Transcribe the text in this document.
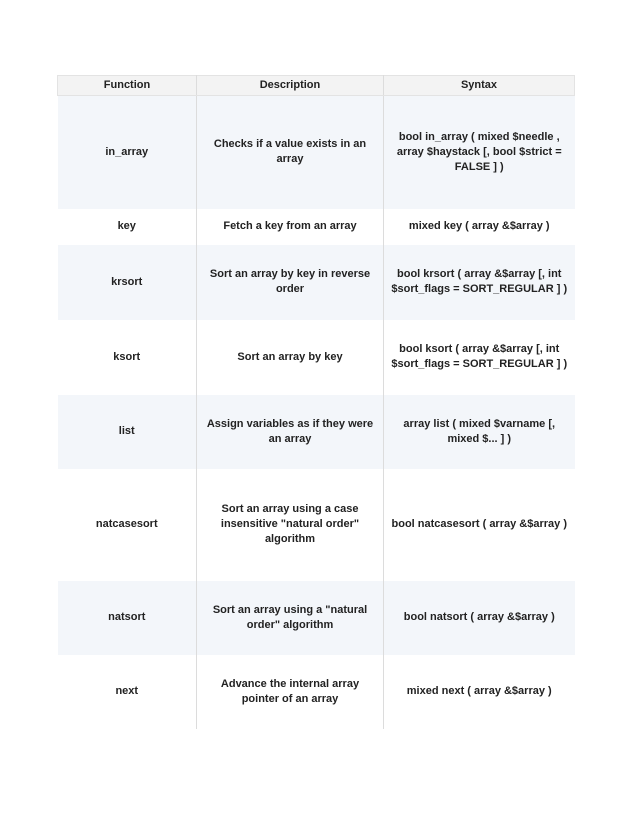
Function	Description	Syntax
in_array	Checks if a value exists in an array	bool in_array ( mixed $needle , array $haystack [, bool $strict = FALSE ] )
key	Fetch a key from an array	mixed key ( array &$array )
krsort	Sort an array by key in reverse order	bool krsort ( array &$array [, int $sort_flags = SORT_REGULAR ] )
ksort	Sort an array by key	bool ksort ( array &$array [, int $sort_flags = SORT_REGULAR ] )
list	Assign variables as if they were an array	array list ( mixed $varname [, mixed $... ] )
natcasesort	Sort an array using a case insensitive "natural order" algorithm	bool natcasesort ( array &$array )
natsort	Sort an array using a "natural order" algorithm	bool natsort ( array &$array )
next	Advance the internal array pointer of an array	mixed next ( array &$array )
